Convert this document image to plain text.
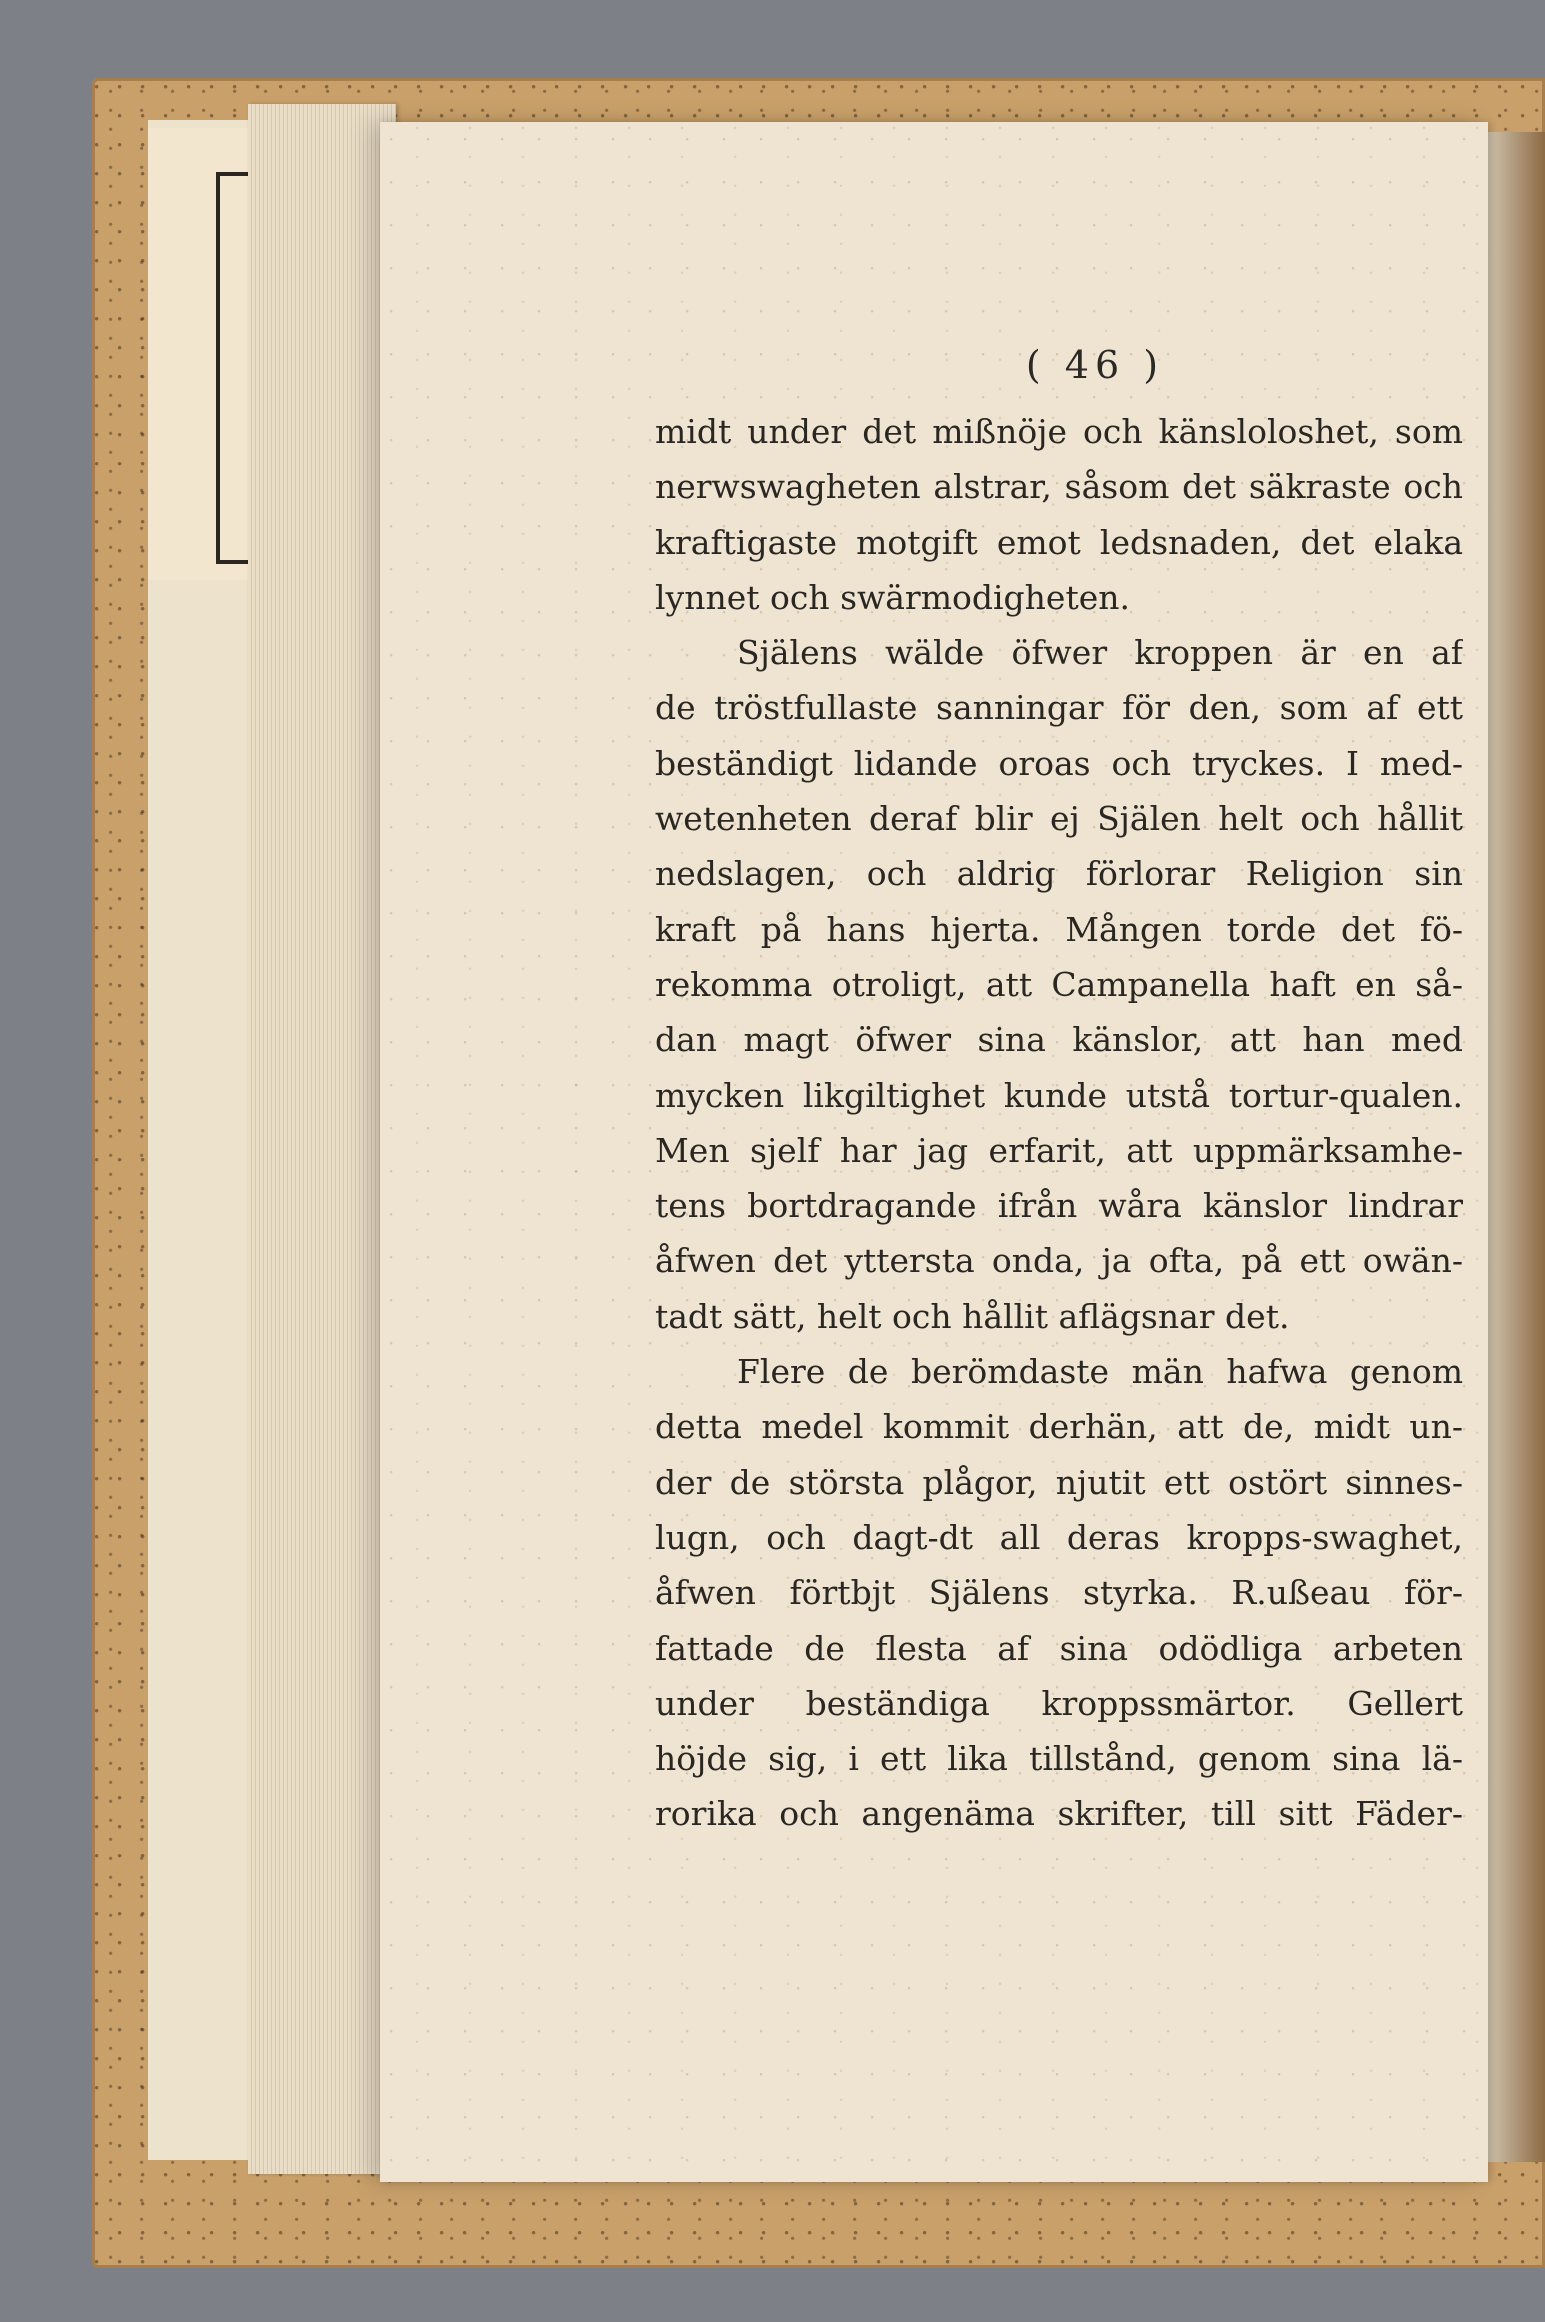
( 46 )
midt under det mißnöje och känsloloshet, som
nerwswagheten alstrar, såsom det säkraste och
kraftigaste motgift emot ledsnaden, det elaka
lynnet och swärmodigheten.
Själens wälde öfwer kroppen är en af
de tröstfullaste sanningar för den, som af ett
beständigt lidande oroas och tryckes. I med-
wetenheten deraf blir ej Själen helt och hållit
nedslagen, och aldrig förlorar Religion sin
kraft på hans hjerta. Mången torde det fö-
rekomma otroligt, att Campanella haft en så-
dan magt öfwer sina känslor, att han med
mycken likgiltighet kunde utstå tortur-qualen.
Men sjelf har jag erfarit, att uppmärksamhe-
tens bortdragande ifrån wåra känslor lindrar
åfwen det yttersta onda, ja ofta, på ett owän-
tadt sätt, helt och hållit aflägsnar det.
Flere de berömdaste män hafwa genom
detta medel kommit derhän, att de, midt un-
der de största plågor, njutit ett ostört sinnes-
lugn, och dagt-dt all deras kropps-swaghet,
åfwen förtbjt Själens styrka. R.ußeau för-
fattade de flesta af sina odödliga arbeten
under beständiga kroppssmärtor. Gellert
höjde sig, i ett lika tillstånd, genom sina lä-
rorika och angenäma skrifter, till sitt Fäder-
